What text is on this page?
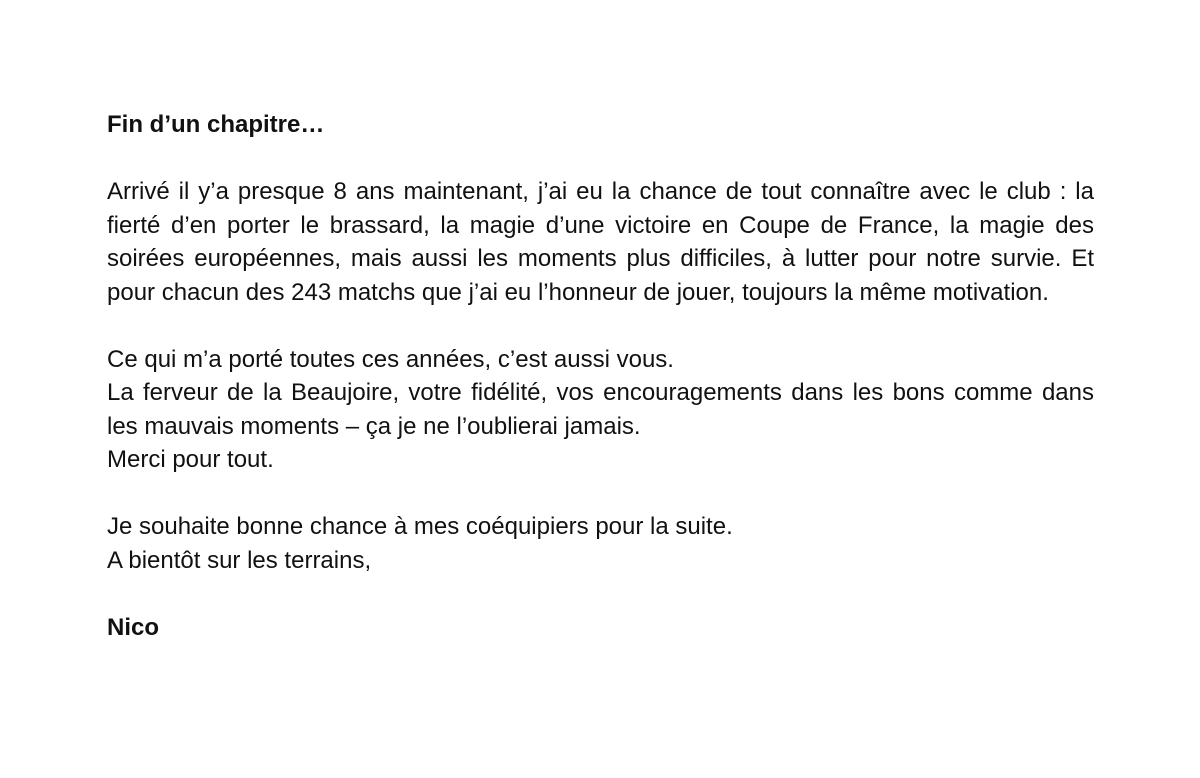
Fin d’un chapitre…

Arrivé il y’a presque 8 ans maintenant, j’ai eu la chance de tout connaître avec le club : la fierté d’en porter le brassard, la magie d’une victoire en Coupe de France, la magie des soirées européennes, mais aussi les moments plus difficiles, à lutter pour notre survie. Et pour chacun des 243 matchs que j’ai eu l’honneur de jouer, toujours la même motivation.

Ce qui m’a porté toutes ces années, c’est aussi vous.
La ferveur de la Beaujoire, votre fidélité, vos encouragements dans les bons comme dans les mauvais moments – ça je ne l’oublierai jamais.
Merci pour tout.
Je souhaite bonne chance à mes coéquipiers pour la suite.
A bientôt sur les terrains,

Nico
